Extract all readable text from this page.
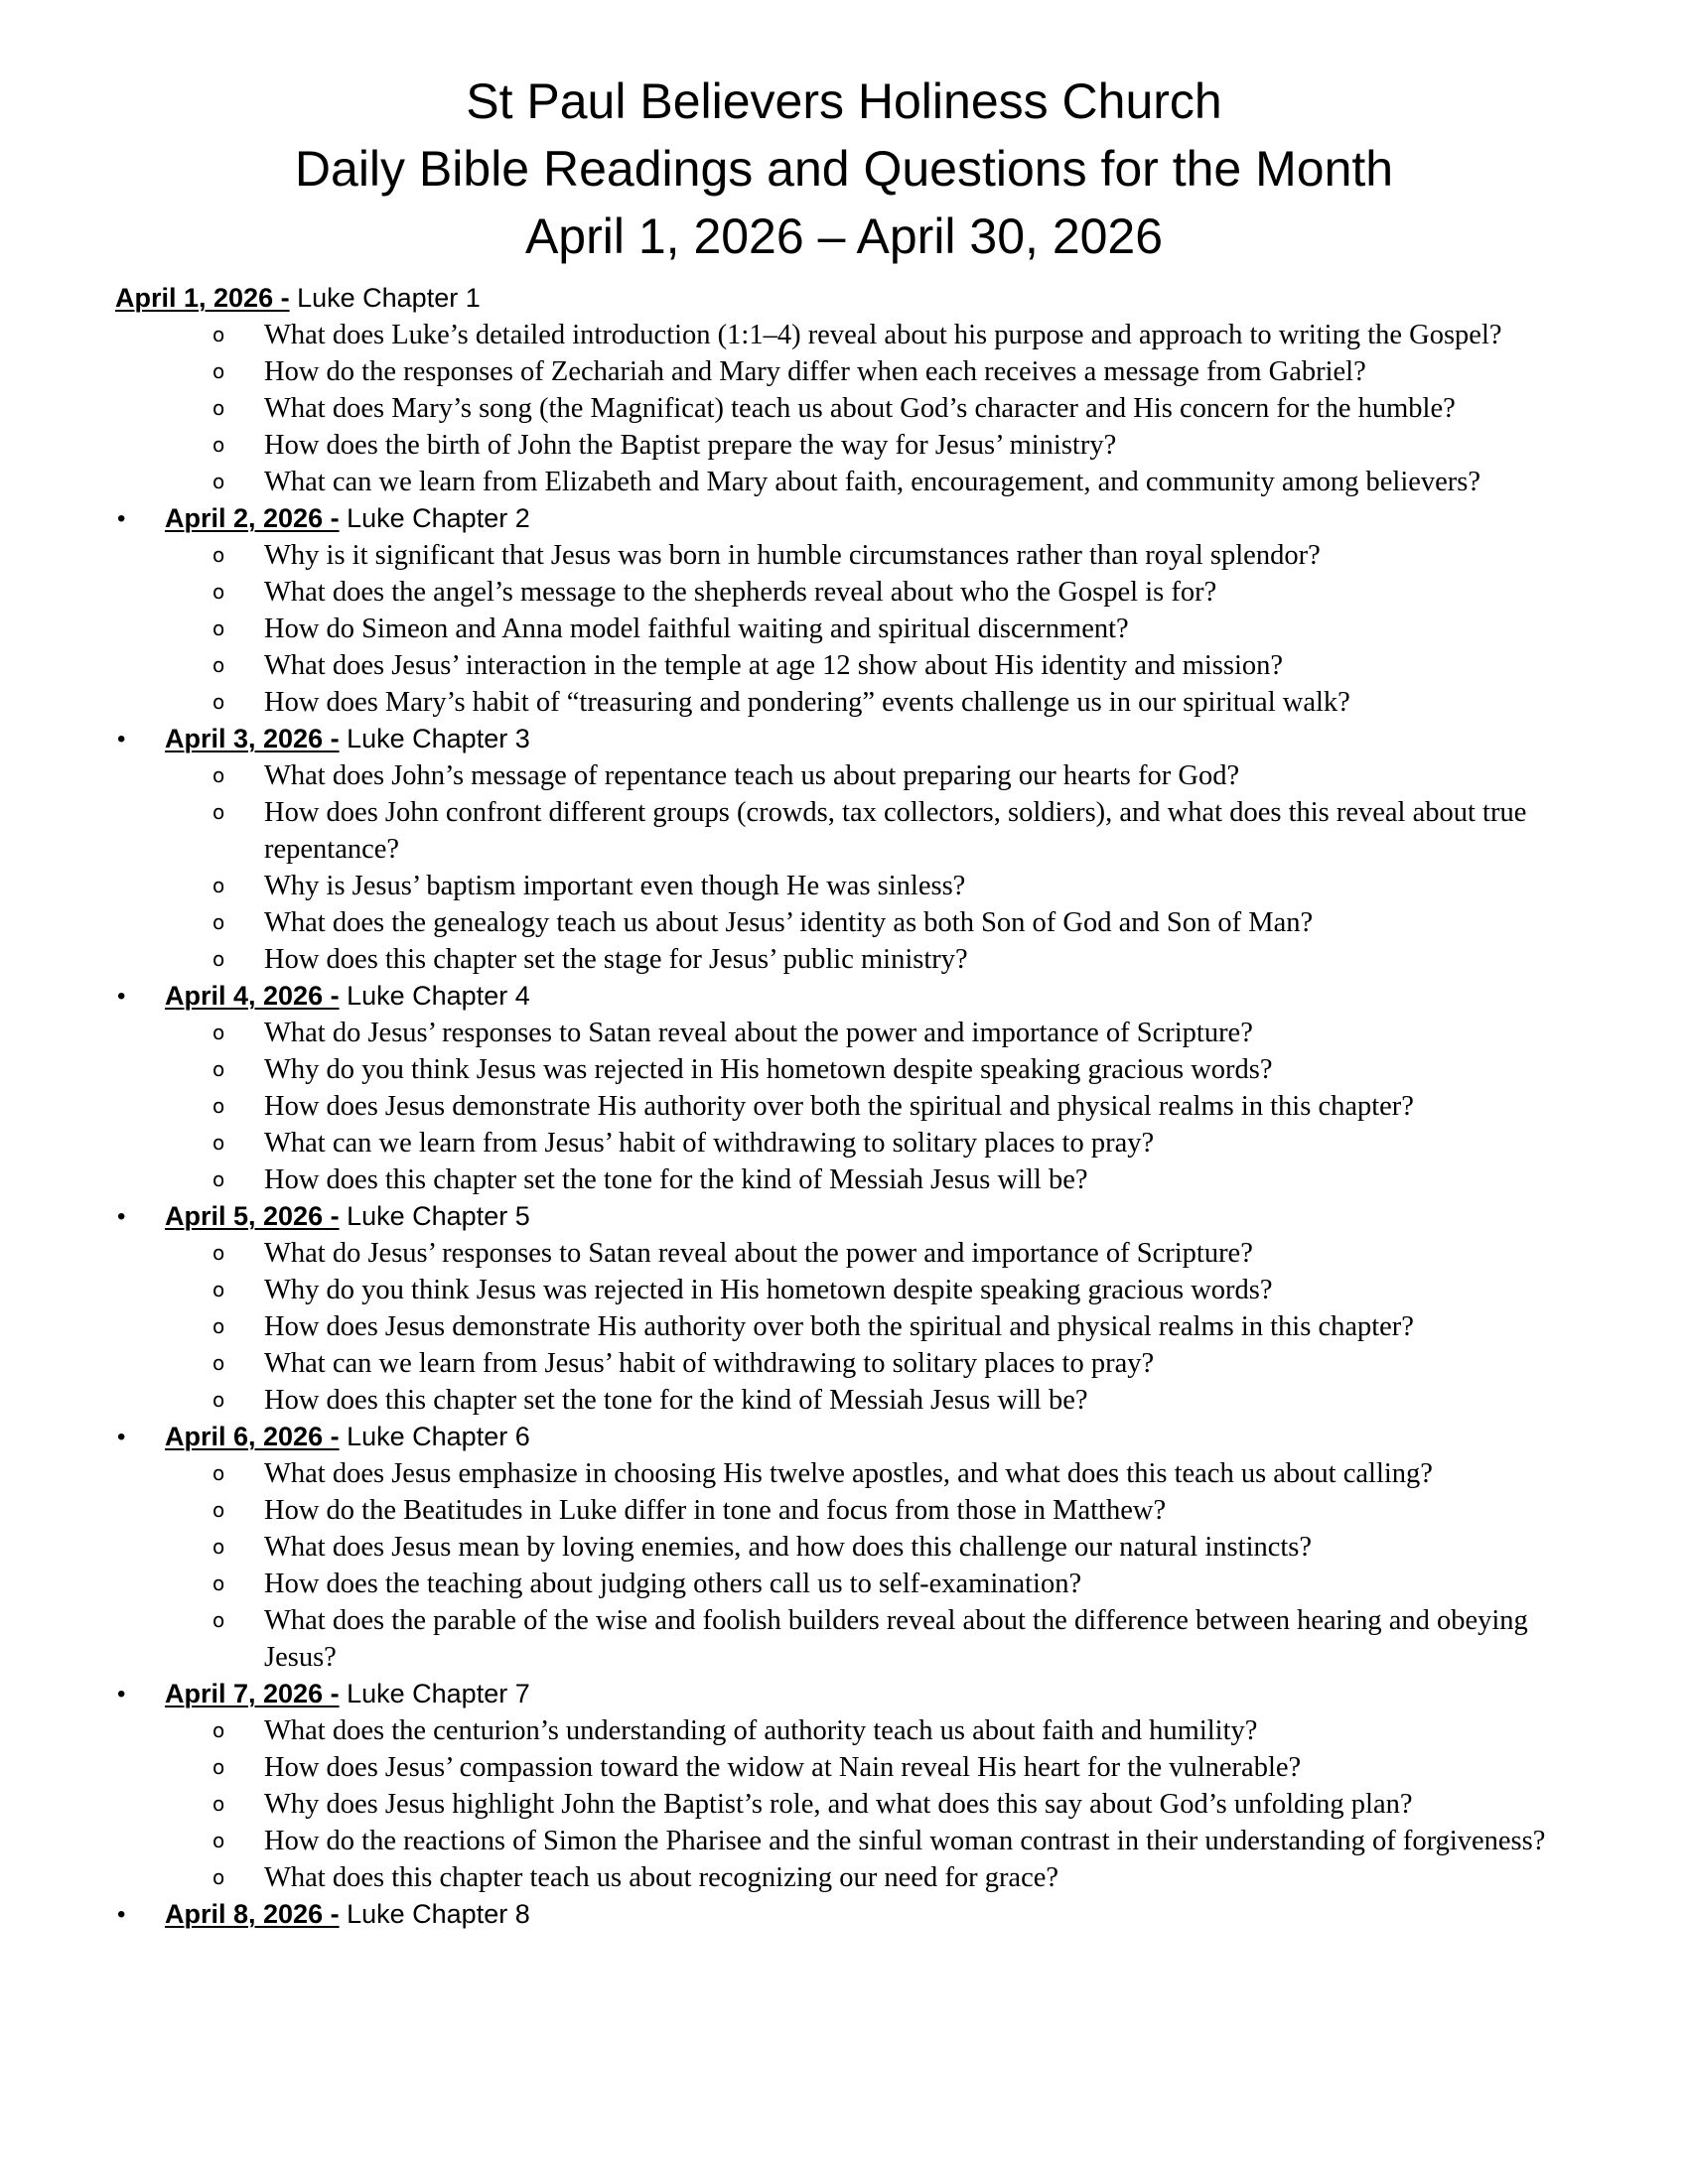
St Paul Believers Holiness Church
Daily Bible Readings and Questions for the Month
April 1, 2026 – April 30, 2026
April 1, 2026 - Luke Chapter 1
o What does Luke’s detailed introduction (1:1–4) reveal about his purpose and approach to writing the Gospel?
o How do the responses of Zechariah and Mary differ when each receives a message from Gabriel?
o What does Mary’s song (the Magnificat) teach us about God’s character and His concern for the humble?
o How does the birth of John the Baptist prepare the way for Jesus’ ministry?
o What can we learn from Elizabeth and Mary about faith, encouragement, and community among believers?
• April 2, 2026 - Luke Chapter 2
o Why is it significant that Jesus was born in humble circumstances rather than royal splendor?
o What does the angel’s message to the shepherds reveal about who the Gospel is for?
o How do Simeon and Anna model faithful waiting and spiritual discernment?
o What does Jesus’ interaction in the temple at age 12 show about His identity and mission?
o How does Mary’s habit of “treasuring and pondering” events challenge us in our spiritual walk?
• April 3, 2026 - Luke Chapter 3
o What does John’s message of repentance teach us about preparing our hearts for God?
o How does John confront different groups (crowds, tax collectors, soldiers), and what does this reveal about true repentance?
o Why is Jesus’ baptism important even though He was sinless?
o What does the genealogy teach us about Jesus’ identity as both Son of God and Son of Man?
o How does this chapter set the stage for Jesus’ public ministry?
• April 4, 2026 - Luke Chapter 4
o What do Jesus’ responses to Satan reveal about the power and importance of Scripture?
o Why do you think Jesus was rejected in His hometown despite speaking gracious words?
o How does Jesus demonstrate His authority over both the spiritual and physical realms in this chapter?
o What can we learn from Jesus’ habit of withdrawing to solitary places to pray?
o How does this chapter set the tone for the kind of Messiah Jesus will be?
• April 5, 2026 - Luke Chapter 5
o What do Jesus’ responses to Satan reveal about the power and importance of Scripture?
o Why do you think Jesus was rejected in His hometown despite speaking gracious words?
o How does Jesus demonstrate His authority over both the spiritual and physical realms in this chapter?
o What can we learn from Jesus’ habit of withdrawing to solitary places to pray?
o How does this chapter set the tone for the kind of Messiah Jesus will be?
• April 6, 2026 - Luke Chapter 6
o What does Jesus emphasize in choosing His twelve apostles, and what does this teach us about calling?
o How do the Beatitudes in Luke differ in tone and focus from those in Matthew?
o What does Jesus mean by loving enemies, and how does this challenge our natural instincts?
o How does the teaching about judging others call us to self-examination?
o What does the parable of the wise and foolish builders reveal about the difference between hearing and obeying Jesus?
• April 7, 2026 - Luke Chapter 7
o What does the centurion’s understanding of authority teach us about faith and humility?
o How does Jesus’ compassion toward the widow at Nain reveal His heart for the vulnerable?
o Why does Jesus highlight John the Baptist’s role, and what does this say about God’s unfolding plan?
o How do the reactions of Simon the Pharisee and the sinful woman contrast in their understanding of forgiveness?
o What does this chapter teach us about recognizing our need for grace?
• April 8, 2026 - Luke Chapter 8
